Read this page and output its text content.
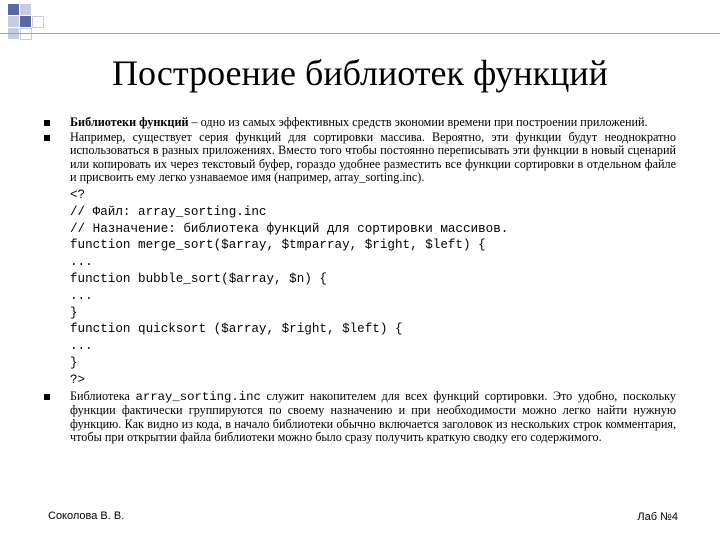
Построение библиотек функций
Библиотеки функций – одно из самых эффективных средств экономии времени при построении приложений.
Например, существует серия функций для сортировки массива. Вероятно, эти функции будут неоднократно использоваться в разных приложениях. Вместо того чтобы постоянно переписывать эти функции в новый сценарий или копировать их через текстовый буфер, гораздо удобнее разместить все функции сортировки в отдельном файле и присвоить ему легко узнаваемое имя (например, array_sorting.inc).
<?
// Файл: array_sorting.inc
// Назначение: библиотека функций для сортировки массивов.
function merge_sort($array, $tmparray, $right, $left) {
...
function bubble_sort($array, $n) {
...
}
function quicksort ($array, $right, $left) {
...
}
?>
Библиотека array_sorting.inc служит накопителем для всех функций сортировки. Это удобно, поскольку функции фактически группируются по своему назначению и при необходимости можно легко найти нужную функцию. Как видно из кода, в начало библиотеки обычно включается заголовок из нескольких строк комментария, чтобы при открытии файла библиотеки можно было сразу получить краткую сводку его содержимого.
Соколова В. В.	Лаб №4
